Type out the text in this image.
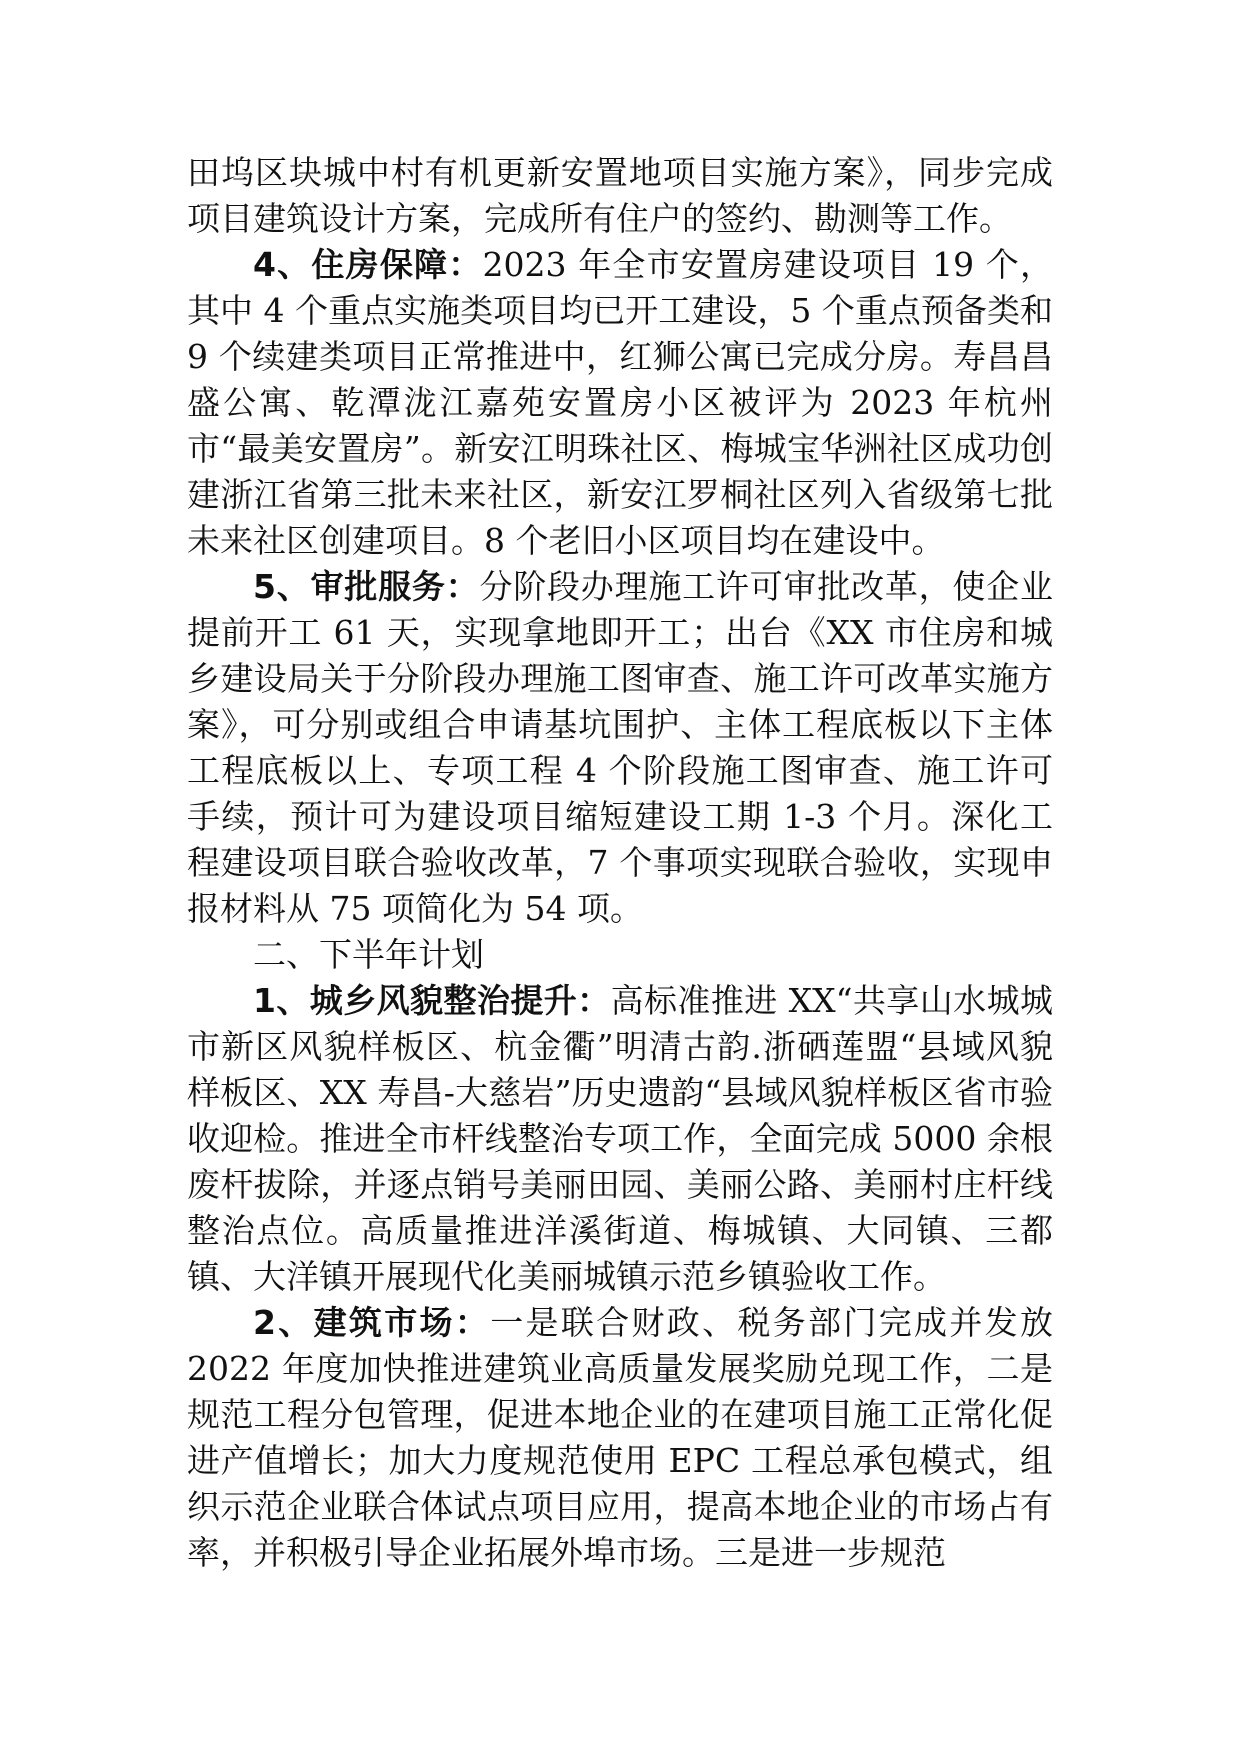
田坞区块城中村有机更新安置地项目实施方案》，同步完成项目建筑设计方案，完成所有住户的签约、勘测等工作。

4、住房保障：2023 年全市安置房建设项目 19 个，其中 4 个重点实施类项目均已开工建设，5 个重点预备类和 9 个续建类项目正常推进中，红狮公寓已完成分房。寿昌昌盛公寓、乾潭泷江嘉苑安置房小区被评为 2023 年杭州市“最美安置房”。新安江明珠社区、梅城宝华洲社区成功创建浙江省第三批未来社区，新安江罗桐社区列入省级第七批未来社区创建项目。8 个老旧小区项目均在建设中。

5、审批服务：分阶段办理施工许可审批改革，使企业提前开工 61 天，实现拿地即开工；出台《XX 市住房和城乡建设局关于分阶段办理施工图审查、施工许可改革实施方案》，可分别或组合申请基坑围护、主体工程底板以下主体工程底板以上、专项工程 4 个阶段施工图审查、施工许可手续，预计可为建设项目缩短建设工期 1-3 个月。深化工程建设项目联合验收改革，7 个事项实现联合验收，实现申报材料从 75 项简化为 54 项。

二、下半年计划

1、城乡风貌整治提升：高标准推进 XX“共享山水城城市新区风貌样板区、杭金衢”明清古韵.浙硒莲盟“县域风貌样板区、XX 寿昌-大慈岩”历史遗韵“县域风貌样板区省市验收迎检。推进全市杆线整治专项工作，全面完成 5000 余根废杆拔除，并逐点销号美丽田园、美丽公路、美丽村庄杆线整治点位。高质量推进洋溪街道、梅城镇、大同镇、三都镇、大洋镇开展现代化美丽城镇示范乡镇验收工作。

2、建筑市场：一是联合财政、税务部门完成并发放 2022 年度加快推进建筑业高质量发展奖励兑现工作，二是规范工程分包管理，促进本地企业的在建项目施工正常化促进产值增长；加大力度规范使用 EPC 工程总承包模式，组织示范企业联合体试点项目应用，提高本地企业的市场占有率，并积极引导企业拓展外埠市场。三是进一步规范
